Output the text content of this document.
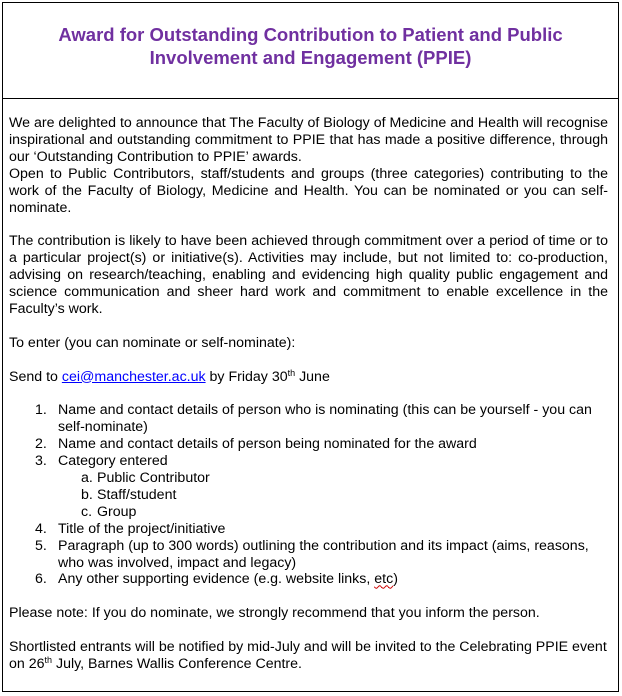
Award for Outstanding Contribution to Patient and Public
Involvement and Engagement (PPIE)

We are delighted to announce that The Faculty of Biology of Medicine and Health will recognise inspirational and outstanding commitment to PPIE that has made a positive difference, through our ‘Outstanding Contribution to PPIE’ awards.

Open to Public Contributors, staff/students and groups (three categories) contributing to the work of the Faculty of Biology, Medicine and Health. You can be nominated or you can self-nominate.

The contribution is likely to have been achieved through commitment over a period of time or to a particular project(s) or initiative(s). Activities may include, but not limited to: co-production, advising on research/teaching, enabling and evidencing high quality public engagement and science communication and sheer hard work and commitment to enable excellence in the Faculty’s work.

To enter (you can nominate or self-nominate):

Send to cei@manchester.ac.uk by Friday 30th June

1. Name and contact details of person who is nominating (this can be yourself - you can self-nominate)
2. Name and contact details of person being nominated for the award
3. Category entered
a. Public Contributor
b. Staff/student
c. Group
4. Title of the project/initiative
5. Paragraph (up to 300 words) outlining the contribution and its impact (aims, reasons, who was involved, impact and legacy)
6. Any other supporting evidence (e.g. website links, etc)

Please note: If you do nominate, we strongly recommend that you inform the person.

Shortlisted entrants will be notified by mid-July and will be invited to the Celebrating PPIE event on 26th July, Barnes Wallis Conference Centre.
